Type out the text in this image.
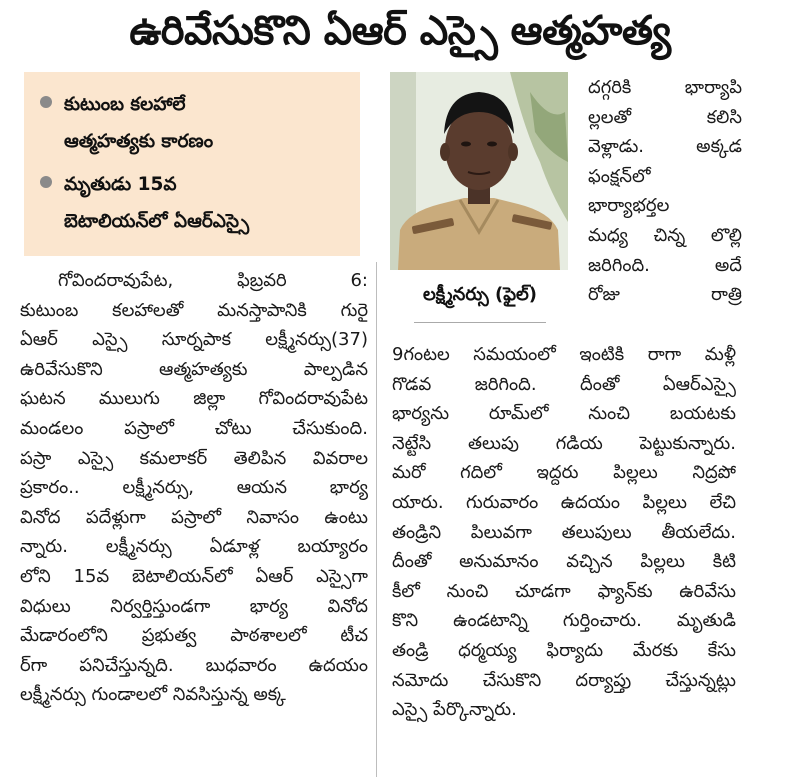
ఉరివేసుకొని ఏఆర్ ఎస్సై ఆత్మహత్య
కుటుంబ కలహాలే
ఆత్మహత్యకు కారణం
మృతుడు 15వ
బెటాలియన్‌లో ఏఆర్‌ఎస్సై
గోవిందరావుపేట, ఫిబ్రవరి 6:
కుటుంబ కలహాలతో మనస్తాపానికి గురై
ఏఆర్ ఎస్సై సూర్నపాక లక్ష్మీనర్సు(37)
ఉరివేసుకొని ఆత్మహత్యకు పాల్పడిన
ఘటన ములుగు జిల్లా గోవిందరావుపేట
మండలం పస్రాలో చోటు చేసుకుంది.
పస్రా ఎస్సై కమలాకర్ తెలిపిన వివరాల
ప్రకారం.. లక్ష్మీనర్సు, ఆయన భార్య
వినోద పదేళ్లుగా పస్రాలో నివాసం ఉంటు
న్నారు. లక్ష్మీనర్సు ఏడూళ్ల బయ్యారం
లోని 15వ బెటాలియన్‌లో ఏఆర్ ఎస్సైగా
విధులు నిర్వర్తిస్తుండగా భార్య వినోద
మేడారంలోని ప్రభుత్వ పాఠశాలలో టీచ
ర్‌గా పనిచేస్తున్నది. బుధవారం ఉదయం
లక్ష్మీనర్సు గుండాలలో నివసిస్తున్న అక్క
లక్ష్మీనర్సు (ఫైల్)
దగ్గరికి భార్యాపి
ల్లలతో కలిసి
వెళ్లాడు. అక్కడ
ఫంక్షన్‌లో
భార్యాభర్తల
మధ్య చిన్న లొల్లి
జరిగింది. అదే
రోజు రాత్రి
9గంటల సమయంలో ఇంటికి రాగా మళ్లీ
గొడవ జరిగింది. దీంతో ఏఆర్ఎస్సై
భార్యను రూమ్‌లో నుంచి బయటకు
నెట్టేసి తలుపు గడియ పెట్టుకున్నారు.
మరో గదిలో ఇద్దరు పిల్లలు నిద్రపో
యారు. గురువారం ఉదయం పిల్లలు లేచి
తండ్రిని పిలువగా తలుపులు తీయలేదు.
దీంతో అనుమానం వచ్చిన పిల్లలు కిటి
కీలో నుంచి చూడగా ఫ్యాన్‌కు ఉరివేసు
కొని ఉండటాన్ని గుర్తించారు. మృతుడి
తండ్రి ధర్మయ్య ఫిర్యాదు మేరకు కేసు
నమోదు చేసుకొని దర్యాప్తు చేస్తున్నట్లు
ఎస్సై పేర్కొన్నారు.
